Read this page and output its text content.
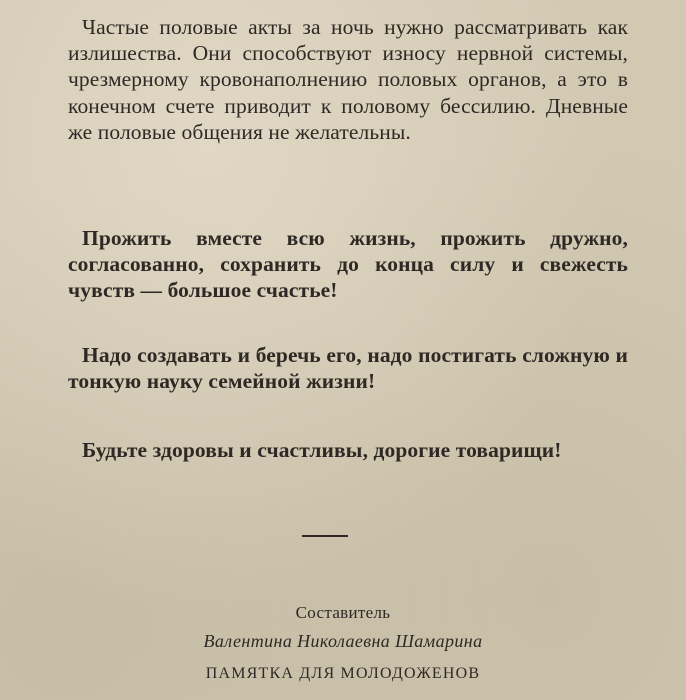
Частые половые акты за ночь нужно рассматривать как излишества. Они способствуют износу нервной системы, чрезмерному кровонаполнению половых органов, а это в конечном счете приводит к половому бессилию. Дневные же половые общения не желательны.

Прожить вместе всю жизнь, прожить дружно, согласованно, сохранить до конца силу и свежесть чувств — большое счастье!

Надо создавать и беречь его, надо постигать сложную и тонкую науку семейной жизни!

Будьте здоровы и счастливы, дорогие товарищи!

Составитель
Валентина Николаевна Шамарина
ПАМЯТКА ДЛЯ МОЛОДОЖЕНОВ
